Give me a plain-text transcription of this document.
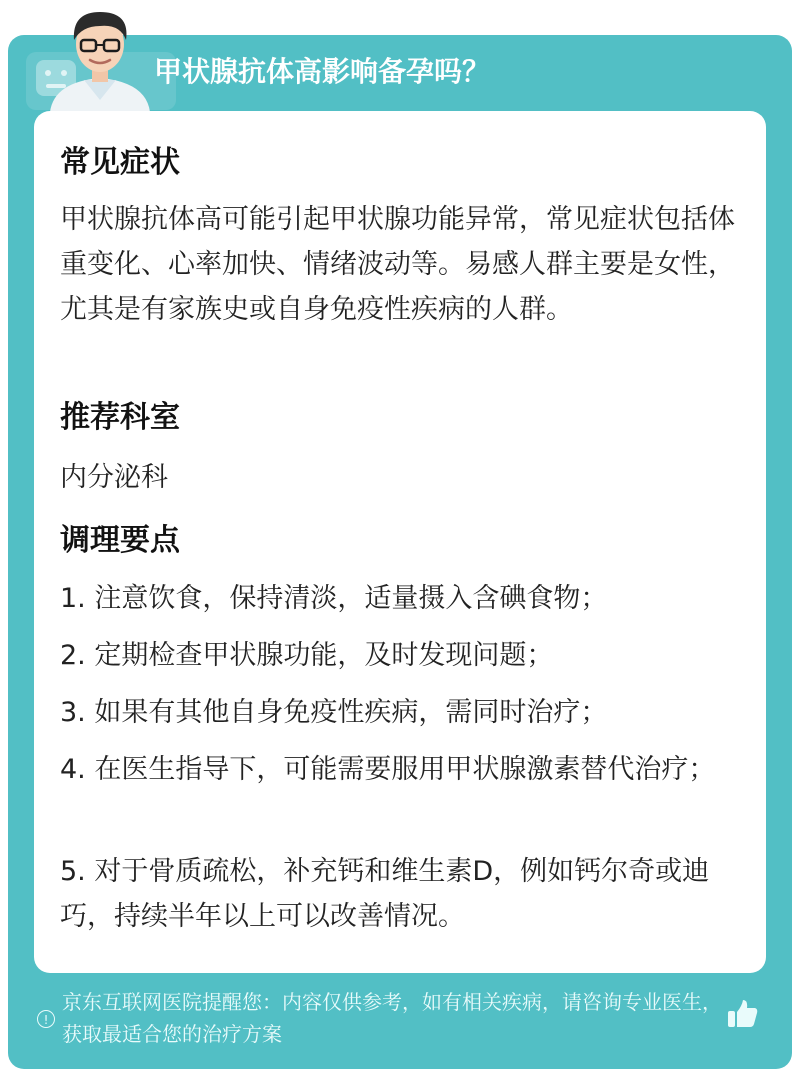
甲状腺抗体高影响备孕吗？
常见症状

甲状腺抗体高可能引起甲状腺功能异常，常见症状包括体重变化、心率加快、情绪波动等。易感人群主要是女性，尤其是有家族史或自身免疫性疾病的人群。

推荐科室
内分泌科
调理要点
1. 注意饮食，保持清淡，适量摄入含碘食物；
2. 定期检查甲状腺功能，及时发现问题；
3. 如果有其他自身免疫性疾病，需同时治疗；
4. 在医生指导下，可能需要服用甲状腺激素替代治疗；
5. 对于骨质疏松，补充钙和维生素D，例如钙尔奇或迪巧，持续半年以上可以改善情况。
!
京东互联网医院提醒您：内容仅供参考，如有相关疾病，请咨询专业医生，获取最适合您的治疗方案
